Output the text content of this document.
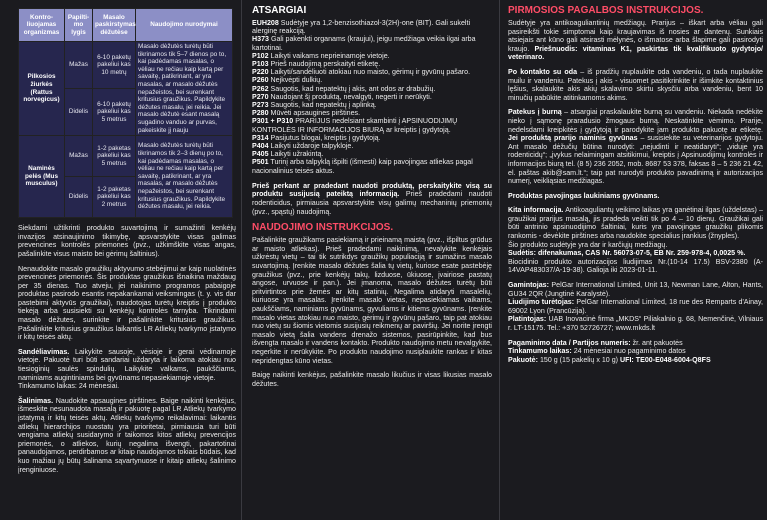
Kontro-liuojamas organizmas	Papilti-mo lygis	Masalo paskirstymas dėžutėse	Naudojimo nurodymai
Pilkosios žiurkės (Rattus norvegicus)	Mažas	6-10 paketų pakeliui kas 10 metrų	Masalo dėžutės turėtų būti tikrinamos tik 5–7 dienos po to, kai padėdamas masalas, o vėliau ne rečiau kaip kartą per savaitę, patikrinant, ar yra masalas, ar masalo dėžutės nepažeistos, bei surenkant kritusius graužikus. Papildykite dėžutes masalu, jei reikia. Jei masalo dėžutė esant masalą sugadino vanduo ar purvas, pakeiskite jį nauju
	Didelis	6-10 paketų pakeliui kas 5 metrus	
Naminės pelės (Mus musculus)	Mažas	1-2 paketas pakeliui kas 5 metrus	Masalo dėžutės turėtų būti tikrinamos tik 2–3 dienų po to, kai padėdamas masalas, o vėliau ne rečiau kaip kartą per savaitę, patikrinant, ar yra masalas, ar masalo dėžutės nepažeistos, bei surenkant kritusius graužikus. Papildykite dėžutes masalu, jei reikia.
	Didelis	1-2 paketas pakeliui kas 2 metrus	

Siekdami užtikrinti produkto suvartojimą ir sumažinti kenkėjų invazijos atsinaujinimo tikimybę, apsvarstykite visas galimas prevencines kontrolės priemones (pvz., užkimškite visas angas, pašalinkite visus maisto bei gėrimų šaltinius).

Nenaudokite masalo graužikų aktyvumo stebėjimui ar kaip nuolatinės prevencinės priemonės. Šis produktas graužikus išnaikina maždaug per 35 dienas. Tuo atveju, jei naikinimo programos pabaigoje produktas pasirodo esantis nepakankamai veiksmingas (t. y. vis dar pastebimi aktyvūs graužikai), naudotojas turėtų kreiptis į produkto tiekėją arba susisiekti su kenkėjų kontrolės tarnyba. Tikrindami masalo dėžutes, surinkite ir pašalinkite kritusius graužikus. Pašalinkite kritusius graužikus laikantis LR Atliekų tvarkymo įstatymo ir kitų teisės aktų.

Sandėliavimas. Laikykite sausoje, vėsioje ir gerai vėdinamoje vietoje. Pakuotė turi būti sandariai uždaryta ir laikoma atokiau nuo tiesioginių saulės spindulių. Laikykite valkams, paukščiams, naminiams augintiniams bei gyvūnams nepasiekiamoje vietoje.
Tinkamumo laikas: 24 mėnesiai.

Šalinimas. Naudokite apsaugines pirštines. Baige naikinti kenkėjus, išmeskite nesunaudota masalą ir pakuotę pagal LR Atliekų tvarkymo įstatymą ir kitų teisės aktų. Atliekų tvarkymo reikalavimai: laikantis atliekų hierarchijos nuostatų yra prioritetai, pirmiausia turi būti vengiama atliekų susidarymo ir taikomos kitos atliekų prevencijos priemonės, o atliekos, kurių negalima išvengti, pakartotinai panaudojamos, perdirbamos ar kitaip naudojamos tokiais būdais, kad kuo mažiau jų būtų šalinama sąvartynuose ir kitaip atliekų šalinimo įrenginiuose.

ATSARGIAI
EUH208 Sudėtyje yra 1,2-benzisothiazol-3(2H)-one (BIT). Gali sukelti alerginę reakciją.
H373 Gali pakenkti organams (kraujui), jeigu medžiaga veikia ilgai arba kartotinai.
P102 Laikyti vaikams neprieinamoje vietoje.
P103 Prieš naudojimą perskaityti etiketę.
P220 Laikyti/sandėliuoti atokiau nuo maisto, gėrimų ir gyvūnų pašaro.
P260 Nejkvėpti dulkių.
P262 Saugotis, kad nepatektų į akis, ant odos ar drabužių.
P270 Naudojant šį produktą, nevalgyti, negerti ir nerūkyti.
P273 Saugotis, kad nepatektų į aplinką.
P280 Mūvėti apsaugines pirštines.
P301 + P310 PRARIJUS nedelsiant skambinti į APSINUODIJIMŲ KONTROLĖS IR INFORMACIJOS BIURĄ ar kreiptis į gydytoją.
P314 Pasijutus blogai, kreiptis į gydytoją.
P404 Laikyti uždaroje talpykloje.
P405 Laikyti užrakintą.
P501 Turinį arba talpyklą išpilti (išmesti) kaip pavojingas atliekas pagal nacionalinius teisės aktus.

Prieš perkant ar pradedant naudoti produktą, perskaitykite visą su produktu susijusią pateiktą informaciją. Prieš pradedami naudoti rodenticidus, pirmiausia apsvarstykite visų galimų mechaninių priemonių (pvz., spąstų) naudojimą.

NAUDOJIMO INSTRUKCIJOS.

Pašalinkite graužikams pasiekiamą ir prieinamą maistą (pvz., išpiltus grūdus ar maisto atliekas). Prieš pradedami naikinimą, nevalykite kenkėjais užkrėstų vietų – tai tik sutrikdys graužikų populiaciją ir sumažins masalo suvartojimą. Įrenkite masalo dėžutes šalia tų vietų, kuriose esate pastebėję graužikus (pvz., prie kenkėjų takų, lizduose, ūkiuose, įvairiose pastatų angose, urvuose ir pan.). Jei įmanoma, masalo dėžutes turėtų būti pritvirtintos prie žemės ar kitų statinių. Negalima atidaryti masalėlių, kuriuose yra masalas. Įrenkite masalo vietas, nepasiekiamas vaikams, paukščiams, naminiams gyvūnams, gyvuliams ir kitiems gyvūnams. Įrenkite masalo vietas atokiau nuo maisto, gėrimų ir gyvūnų pašaro, taip pat atokiau nuo vietų su šiomis vietomis susijusių reikmenų ar paviršių. Jei norite įrengti masalo vietą šalia vandens drenažo sistemos, pasirūpinkite, kad bus išvengta masalo ir vandens kontakto. Produkto naudojimo metu nevalgykite, negerkite ir nerūkykite. Po produkto naudojimo nusiplaukite rankas ir kitas nepridengtas kūno vietas.

Baigę naikinti kenkėjus, pašalinkite masalo likučius ir visas likusias masalo dėžutes.

PIRMOSIOS PAGALBOS INSTRUKCIJOS.

Sudėtyje yra antikoaguliantinių medžiagų. Prarijus – iškart arba vėliau gali pasireikšti tokie simptomai kaip kraujavimas iš nosies ar dantenų. Sunkiais atsiejais ant kūno gali atsirasti mėlynės, o išmatose arba šlapime gali pasirodyti kraujo. Priešnuodis: vitaminas K1, paskirtas tik kvalifikuoto gydytojo/ veterinaro.

Po kontakto su oda – iš pradžių nuplaukite oda vandeniu, o tada nuplaukite muilu ir vandeniu. Patekus į akis - visuomet pasitikrinkite ir išimkite kontaktinius lęšius, skalaukite akis akių skalavimo skirtu skysčiu arba vandeniu, bent 10 minučių pabūkite atitinkamoms akims.

Patekus į burną – atsargiai praskalaukite burną su vandeniu. Niekada nedėkite nieko į sąmonę praradusio žmogaus burną. Neskatinkite vėmimo. Prarije, nedelsdami kreipkitės į gydytoją ir parodykite jam produkto pakuotę ar etiketę. Jei produktą prarijo naminis gyvūnas – susisiekite su veterinarijos gydytoju. Ant masalo dėžučių būtina nurodyti: „nejudinti ir neatidaryti“; „viduje yra rodenticidų“; „įvykus nelaimingam atsitikimui, kreiptis į Apsinuodijimų kontrolės ir informacijos biurą tel. (8 5) 236 2052, mob. 8687 53 378, faksas 8 – 5 236 21 42, el. paštas akib@sam.lt.“; taip pat nurodyti produkto pavadinimą ir autorizacijos numerį, veikliąsias medžiagas.

Produktas pavojingas laukiniams gyvūnams.

Kita informacija. Antikoaguliantų veikimo laikas yra ganėtinai ilgas (uždelstas) – graužikai prarijus masalą, jis pradeda veikti tik po 4 – 10 dienų. Graužikai gali būti antrinio apsinuodijimo šaltiniai, kuris yra pavojingas graužikų plikomis rankomis - dėvėkite pirštines arba naudokite specialius įrankius (žnyples).
Šio produkto sudėtyje yra dar ir karčiųjų medžiagų.
Sudėtis: difenakumas, CAS Nr. 56073-07-5, EB Nr. 259-978-4, 0,0025 %.
Biocidinio produkto autorizacijos liudijimas Nr.(10-14 17.5) BSV-2380 (A-14VAP483037/A-19-38). Galioja iki 2023-01-11.

Gamintojas: PelGar International Limited, Unit 13, Newman Lane, Alton, Hants, GU34 2QR (Jungtinė Karalystė).
Liudijimo turėtojas: PelGar International Limited, 18 rue des Remparts d'Ainay, 69002 Lyon (Prancūzija).
Platintojas: UAB Inovacinė firma „MKDS“ Piliakalnio g. 68, Nemenčinė, Vilniaus r. LT-15175. Tel.: +370 52726727; www.mkds.lt

Pagaminimo data / Partijos numeris: žr. ant pakuotės
Tinkamumo laikas: 24 mėnesiai nuo pagaminimo datos
Pakuotė: 150 g (15 pakelių x 10 g) UFI: TE00-E048-6004-Q8FS
